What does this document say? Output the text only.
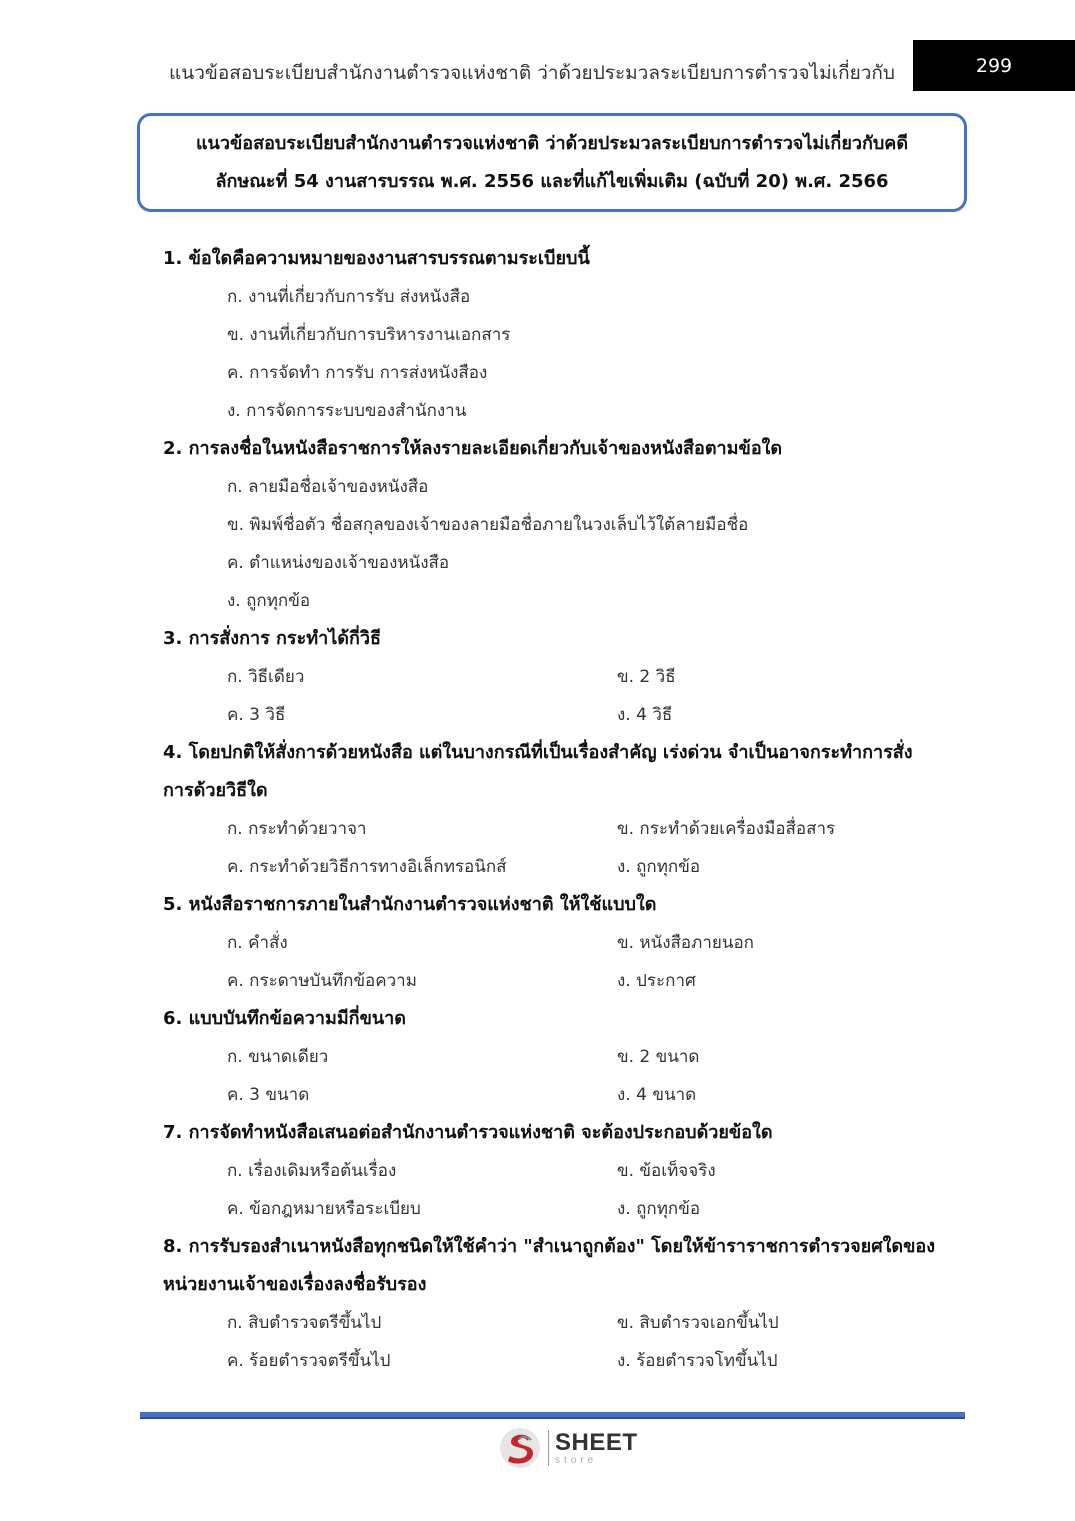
แนวข้อสอบระเบียบสำนักงานตำรวจแห่งชาติ ว่าด้วยประมวลระเบียบการตำรวจไม่เกี่ยวกับ	299
แนวข้อสอบระเบียบสำนักงานตำรวจแห่งชาติ ว่าด้วยประมวลระเบียบการตำรวจไม่เกี่ยวกับคดี
ลักษณะที่ 54 งานสารบรรณ พ.ศ. 2556 และที่แก้ไขเพิ่มเติม (ฉบับที่ 20) พ.ศ. 2566
1. ข้อใดคือความหมายของงานสารบรรณตามระเบียบนี้
ก. งานที่เกี่ยวกับการรับ ส่งหนังสือ
ข. งานที่เกี่ยวกับการบริหารงานเอกสาร
ค. การจัดทำ การรับ การส่งหนังสือง
ง. การจัดการระบบของสำนักงาน
2. การลงชื่อในหนังสือราชการให้ลงรายละเอียดเกี่ยวกับเจ้าของหนังสือตามข้อใด
ก. ลายมือชื่อเจ้าของหนังสือ
ข. พิมพ์ชื่อตัว ชื่อสกุลของเจ้าของลายมือชื่อภายในวงเล็บไว้ใต้ลายมือชื่อ
ค. ตำแหน่งของเจ้าของหนังสือ
ง. ถูกทุกข้อ
3. การสั่งการ กระทำได้กี่วิธี
ก. วิธีเดียว	ข. 2 วิธี
ค. 3 วิธี	ง. 4 วิธี
4. โดยปกติให้สั่งการด้วยหนังสือ แต่ในบางกรณีที่เป็นเรื่องสำคัญ เร่งด่วน จำเป็นอาจกระทำการสั่ง
การด้วยวิธีใด
ก. กระทำด้วยวาจา	ข. กระทำด้วยเครื่องมือสื่อสาร
ค. กระทำด้วยวิธีการทางอิเล็กทรอนิกส์	ง. ถูกทุกข้อ
5. หนังสือราชการภายในสำนักงานตำรวจแห่งชาติ ให้ใช้แบบใด
ก. คำสั่ง	ข. หนังสือภายนอก
ค. กระดาษบันทึกข้อความ	ง. ประกาศ
6. แบบบันทึกข้อความมีกี่ขนาด
ก. ขนาดเดียว	ข. 2 ขนาด
ค. 3 ขนาด	ง. 4 ขนาด
7. การจัดทำหนังสือเสนอต่อสำนักงานตำรวจแห่งชาติ จะต้องประกอบด้วยข้อใด
ก. เรื่องเดิมหรือต้นเรื่อง	ข. ข้อเท็จจริง
ค. ข้อกฎหมายหรือระเบียบ	ง. ถูกทุกข้อ
8. การรับรองสำเนาหนังสือทุกชนิดให้ใช้คำว่า "สำเนาถูกต้อง" โดยให้ข้าราราชการตำรวจยศใดของ
หน่วยงานเจ้าของเรื่องลงชื่อรับรอง
ก. สิบตำรวจตรีขึ้นไป	ข. สิบตำรวจเอกขึ้นไป
ค. ร้อยตำรวจตรีขึ้นไป	ง. ร้อยตำรวจโทขึ้นไป
SHEET
store
